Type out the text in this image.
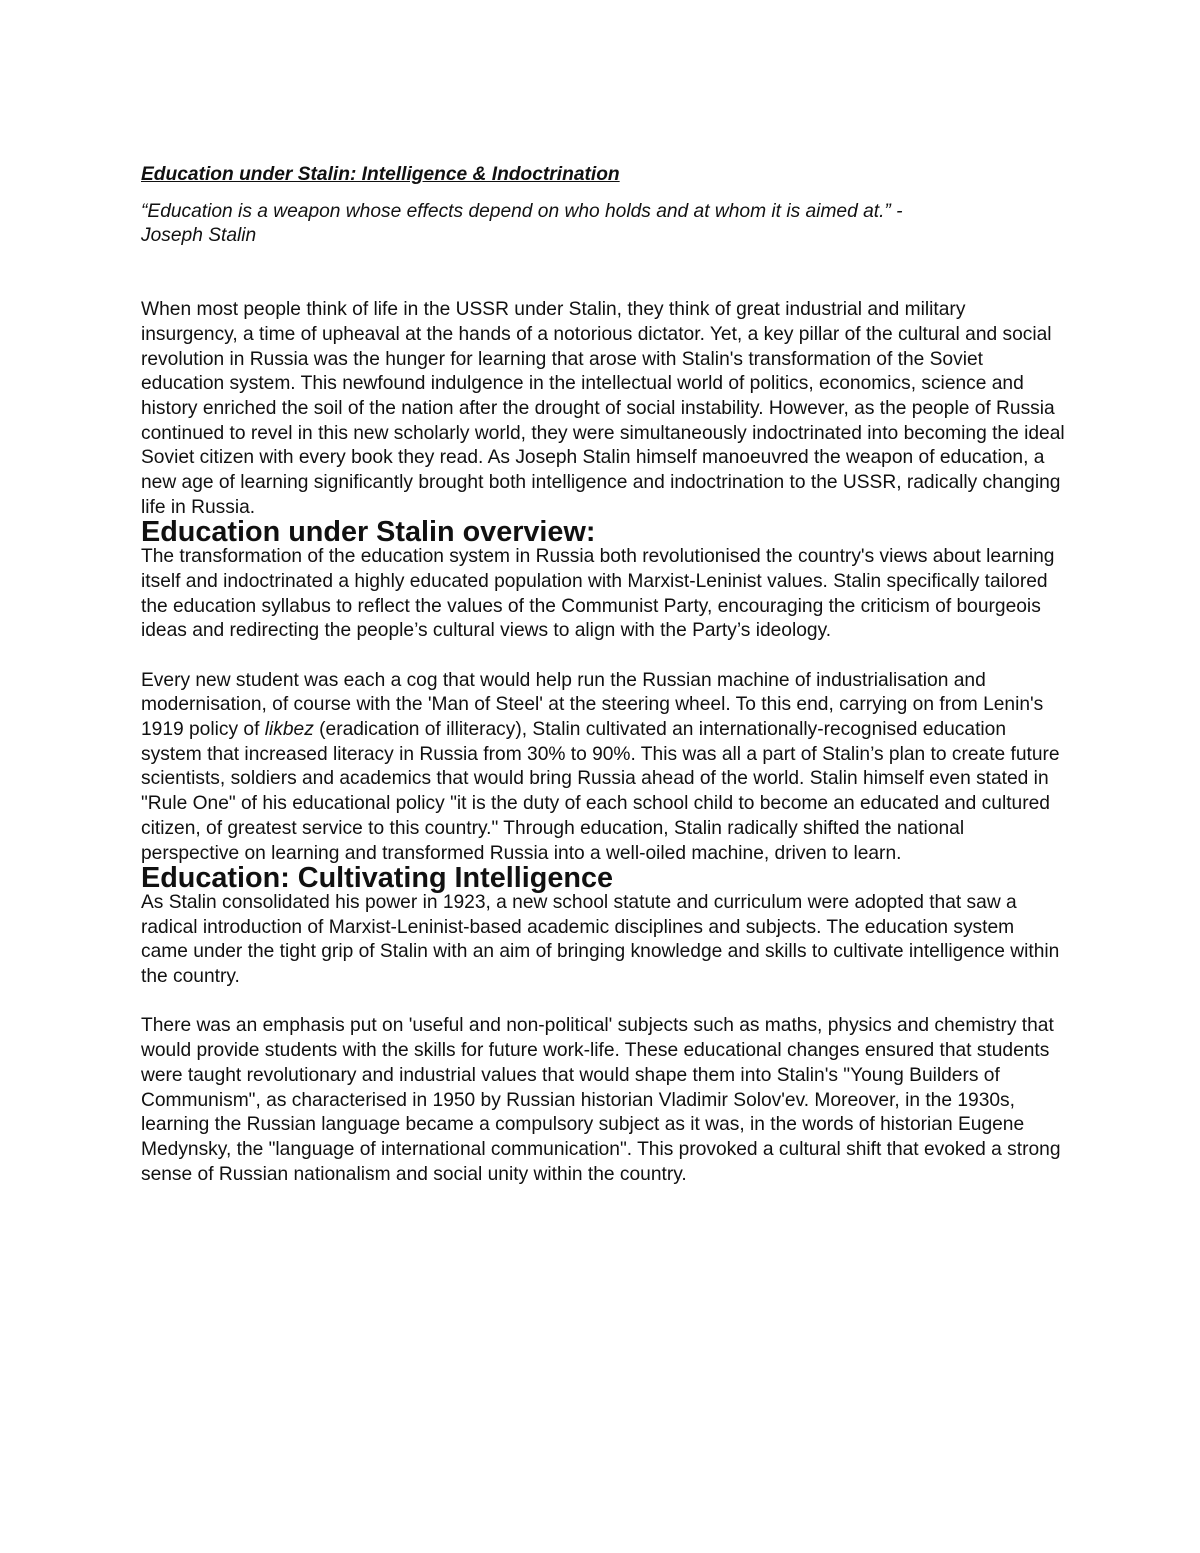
Education under Stalin: Intelligence & Indoctrination

“Education is a weapon whose effects depend on who holds and at whom it is aimed at.” -
Joseph Stalin

When most people think of life in the USSR under Stalin, they think of great industrial and military insurgency, a time of upheaval at the hands of a notorious dictator. Yet, a key pillar of the cultural and social revolution in Russia was the hunger for learning that arose with Stalin's transformation of the Soviet education system. This newfound indulgence in the intellectual world of politics, economics, science and history enriched the soil of the nation after the drought of social instability. However, as the people of Russia continued to revel in this new scholarly world, they were simultaneously indoctrinated into becoming the ideal Soviet citizen with every book they read. As Joseph Stalin himself manoeuvred the weapon of education, a new age of learning significantly brought both intelligence and indoctrination to the USSR, radically changing life in Russia.

Education under Stalin overview:

The transformation of the education system in Russia both revolutionised the country's views about learning itself and indoctrinated a highly educated population with Marxist-Leninist values. Stalin specifically tailored the education syllabus to reflect the values of the Communist Party, encouraging the criticism of bourgeois ideas and redirecting the people’s cultural views to align with the Party’s ideology.

Every new student was each a cog that would help run the Russian machine of industrialisation and modernisation, of course with the 'Man of Steel' at the steering wheel. To this end, carrying on from Lenin's 1919 policy of likbez (eradication of illiteracy), Stalin cultivated an internationally-recognised education system that increased literacy in Russia from 30% to 90%. This was all a part of Stalin’s plan to create future scientists, soldiers and academics that would bring Russia ahead of the world. Stalin himself even stated in "Rule One" of his educational policy "it is the duty of each school child to become an educated and cultured citizen, of greatest service to this country." Through education, Stalin radically shifted the national perspective on learning and transformed Russia into a well-oiled machine, driven to learn.

Education: Cultivating Intelligence

As Stalin consolidated his power in 1923, a new school statute and curriculum were adopted that saw a radical introduction of Marxist-Leninist-based academic disciplines and subjects. The education system came under the tight grip of Stalin with an aim of bringing knowledge and skills to cultivate intelligence within the country.

There was an emphasis put on 'useful and non-political' subjects such as maths, physics and chemistry that would provide students with the skills for future work-life. These educational changes ensured that students were taught revolutionary and industrial values that would shape them into Stalin's "Young Builders of Communism", as characterised in 1950 by Russian historian Vladimir Solov'ev. Moreover, in the 1930s, learning the Russian language became a compulsory subject as it was, in the words of historian Eugene Medynsky, the "language of international communication". This provoked a cultural shift that evoked a strong sense of Russian nationalism and social unity within the country.
